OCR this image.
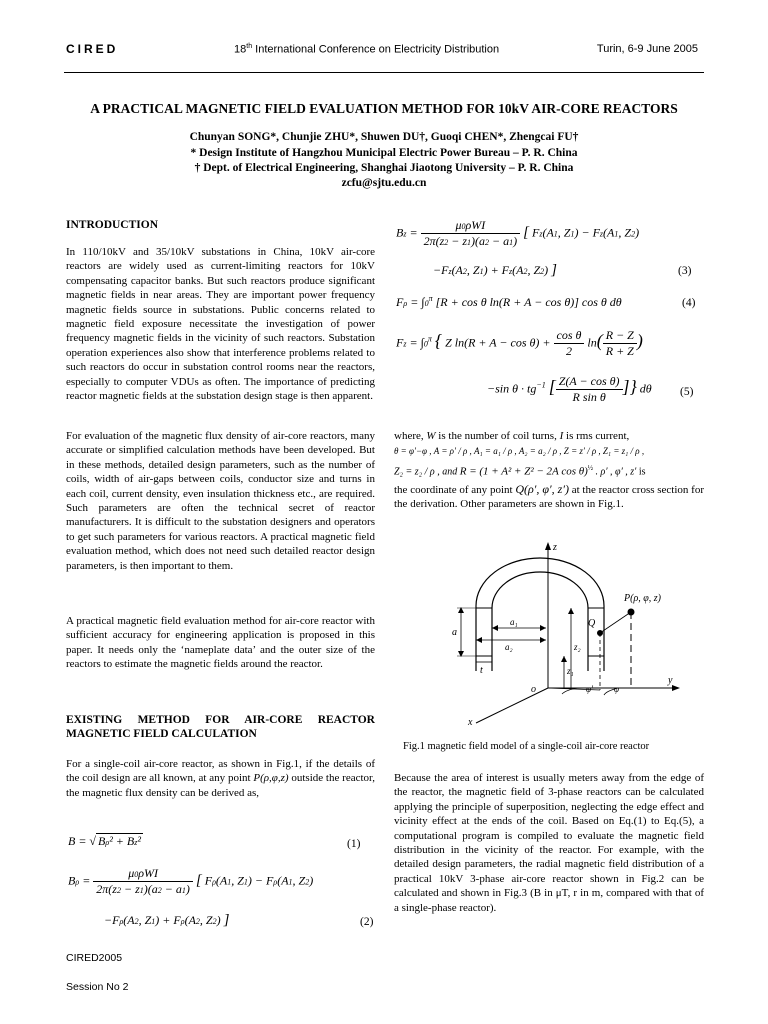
CIRED	18th International Conference on Electricity Distribution	Turin, 6-9 June 2005
A PRACTICAL MAGNETIC FIELD EVALUATION METHOD FOR 10kV AIR-CORE REACTORS
Chunyan SONG*, Chunjie ZHU*, Shuwen DU†, Guoqi CHEN*, Zhengcai FU†
* Design Institute of Hangzhou Municipal Electric Power Bureau – P. R. China
† Dept. of Electrical Engineering, Shanghai Jiaotong University – P. R. China
zcfu@sjtu.edu.cn
INTRODUCTION

In 110/10kV and 35/10kV substations in China, 10kV air-core reactors are widely used as current-limiting reactors for 10kV compensating capacitor banks. But such reactors produce significant magnetic fields in near areas. They are important power frequency magnetic fields source in substations. Public concerns related to magnetic field exposure necessitate the investigation of power frequency magnetic fields in the vicinity of such reactors. Substation operation experiences also show that interference problems related to such reactors do occur in substation control rooms near the reactors, especially to computer VDUs as often. The importance of predicting reactor magnetic fields at the substation design stage is then apparent.

For evaluation of the magnetic flux density of air-core reactors, many accurate or simplified calculation methods have been developed. But in these methods, detailed design parameters, such as the number of coils, width of air-gaps between coils, conductor size and turns in each coil, current density, even insulation thickness etc., are required. Such parameters are often the technical secret of reactor manufacturers. It is difficult to the substation designers and operators to get such parameters for various reactors. A practical magnetic field evaluation method, which does not need such detailed reactor design parameters, is then important to them.

A practical magnetic field evaluation method for air-core reactor with sufficient accuracy for engineering application is proposed in this paper. It needs only the ‘nameplate data’ and the outer size of the reactors to estimate the magnetic fields around the reactor.

EXISTING METHOD FOR AIR-CORE REACTOR MAGNETIC FIELD CALCULATION

For a single-coil air-core reactor, as shown in Fig.1, if the details of the coil design are all known, at any point P(ρ,φ,z) outside the reactor, the magnetic flux density can be derived as,

B = √ Bρ² + Bz²	(1)
$B\rho = \frac{\text{μ0ρWI}}{2\pi(z2 - z1)(a2 - a1)}$ [ Fρ(A1, Z1) − Fρ(A1, Z2)
−Fρ(A2, Z1) + Fρ(A2, Z2) ]	(2)
$Bz = \frac{\text{μ0ρWI}}{2\pi(z2 - z1)(a2 - a1)}$ [ Fz(A1, Z1) − Fz(A1, Z2)
−Fz(A2, Z1) + Fz(A2, Z2) ]	(3)
$F\rho = \int 0^\pi$ [R + cos θ ln(R + A − cos θ)] cos θ dθ	(4)
$Fz = \int 0^\pi$ { Z $\ln(R + A - \cos \theta) + \frac{\text{cos θ}}{2} \ln( \frac{R - Z}{R + Z}$ )
−sin $\theta \cdot tg^{-1}$ [ $\frac{\text{Z(A − cos θ)}}{\text{R sin θ}}$ ]} dθ (5)
where, W is the number of coil turns, I is rms current,
θ = φ′−φ , A = ρ′ / ρ , A₁ = a₁ / ρ , A₂ = a₂ / ρ , Z = z′ / ρ , Z₁ = z₁ / ρ ,
Z₂ = z₂ / ρ , and R = (1 + A² + Z² − 2A cos θ)$^{\frac{1}{2}}$ . ρ′ , φ′ , z′ is
the coordinate of any point Q(ρ′, φ′, z′) at the reactor cross section for the derivation. Other parameters are shown in Fig.1.
z
P(ρ, φ, z)
Q
a
a₁
a₂	z₂
z₁
t
o
x
y
φ′ φ
Fig.1 magnetic field model of a single-coil air-core reactor

Because the area of interest is usually meters away from the edge of the reactor, the magnetic field of 3-phase reactors can be calculated applying the principle of superposition, neglecting the edge effect and vicinity effect at the ends of the coil. Based on Eq.(1) to Eq.(5), a computational program is compiled to evaluate the magnetic field distribution in the vicinity of the reactor. For example, with the detailed design parameters, the radial magnetic field distribution of a practical 10kV 3-phase air-core reactor shown in Fig.2 can be calculated and shown in Fig.3 (B in μT, r in m, compared with that of a single-phase reactor).

CIRED2005
Session No 2
